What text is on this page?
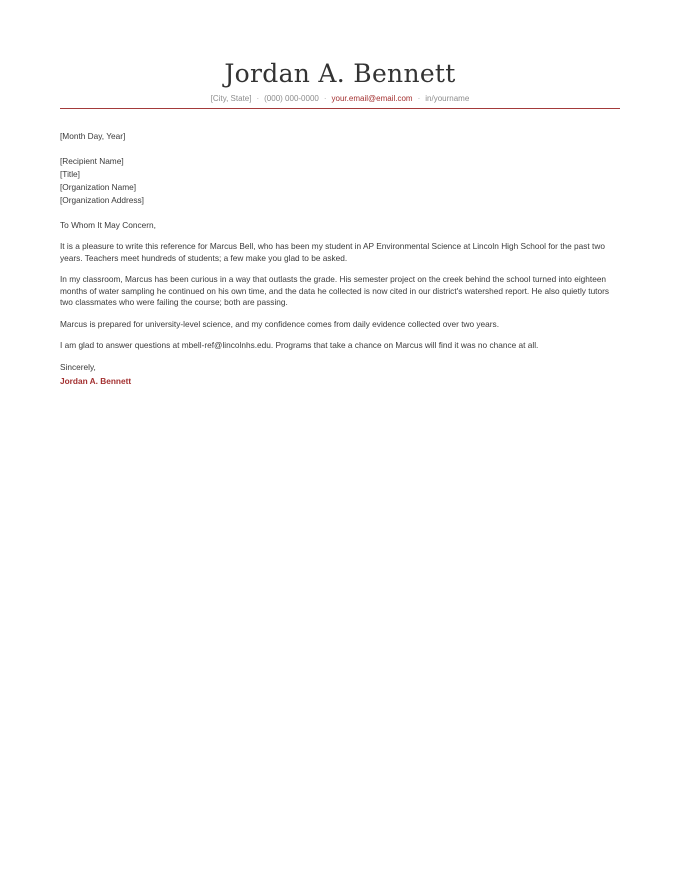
Jordan A. Bennett
[City, State] · (000) 000-0000 · your.email@email.com · in/yourname

[Month Day, Year]

[Recipient Name]
[Title]
[Organization Name]
[Organization Address]

To Whom It May Concern,

It is a pleasure to write this reference for Marcus Bell, who has been my student in AP Environmental Science at Lincoln High School for the past two years. Teachers meet hundreds of students; a few make you glad to be asked.

In my classroom, Marcus has been curious in a way that outlasts the grade. His semester project on the creek behind the school turned into eighteen months of water sampling he continued on his own time, and the data he collected is now cited in our district's watershed report. He also quietly tutors two classmates who were failing the course; both are passing.

Marcus is prepared for university-level science, and my confidence comes from daily evidence collected over two years.

I am glad to answer questions at mbell-ref@lincolnhs.edu. Programs that take a chance on Marcus will find it was no chance at all.

Sincerely,

Jordan A. Bennett
